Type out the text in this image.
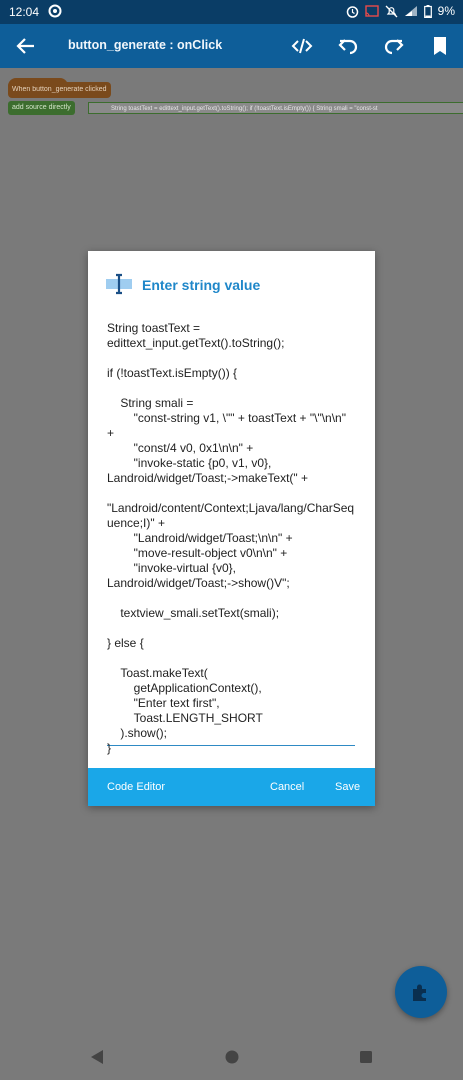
12:04	9%
button_generate : onClick
When button_generate clicked
add source directly	String toastText = edittext_input.getText().toString(); if (!toastText.isEmpty()) { String smali = "const-st
Enter string value
String toastText = edittext_input.getText().toString();

if (!toastText.isEmpty()) {

String smali =
"const-string v1, \"" + toastText + "\"\n\n" +
"const/4 v0, 0x1\n\n" +
"invoke-static {p0, v1, v0}, Landroid/widget/Toast;->makeText(" +
"Landroid/content/Context;Ljava/lang/CharSequence;I)" +
"Landroid/widget/Toast;\n\n" +
"move-result-object v0\n\n" +
"invoke-virtual {v0}, Landroid/widget/Toast;->show()V";

textview_smali.setText(smali);

} else {

Toast.makeText(
getApplicationContext(),
"Enter text first",
Toast.LENGTH_SHORT
).show();
}
Code Editor	Cancel	Save
